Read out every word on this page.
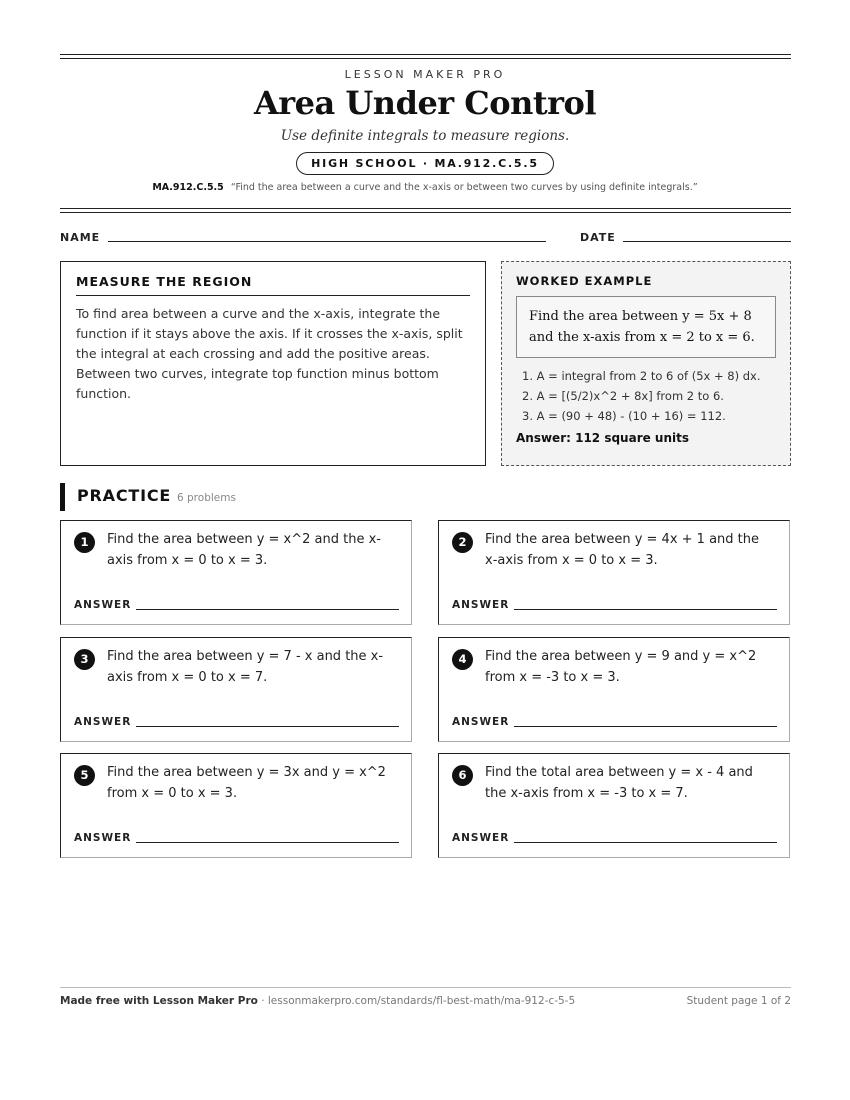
LESSON MAKER PRO
Area Under Control
Use definite integrals to measure regions.
HIGH SCHOOL · MA.912.C.5.5
MA.912.C.5.5 “Find the area between a curve and the x-axis or between two curves by using definite integrals.”
NAME	DATE
MEASURE THE REGION
To find area between a curve and the x-axis, integrate the function if it stays above the axis. If it crosses the x-axis, split the integral at each crossing and add the positive areas. Between two curves, integrate top function minus bottom function.
WORKED EXAMPLE
Find the area between y = 5x + 8 and the x-axis from x = 2 to x = 6.
1. A = integral from 2 to 6 of (5x + 8) dx.
2. A = [(5/2)x^2 + 8x] from 2 to 6.
3. A = (90 + 48) - (10 + 16) = 112.
Answer: 112 square units
PRACTICE 6 problems
1	Find the area between y = x^2 and the x-axis from x = 0 to x = 3.
ANSWER
2	Find the area between y = 4x + 1 and the x-axis from x = 0 to x = 3.
ANSWER
3	Find the area between y = 7 - x and the x-axis from x = 0 to x = 7.
ANSWER
4	Find the area between y = 9 and y = x^2 from x = -3 to x = 3.
ANSWER
5	Find the area between y = 3x and y = x^2 from x = 0 to x = 3.
ANSWER
6	Find the total area between y = x - 4 and the x-axis from x = -3 to x = 7.
ANSWER
Made free with Lesson Maker Pro · lessonmakerpro.com/standards/fl-best-math/ma-912-c-5-5	Student page 1 of 2
